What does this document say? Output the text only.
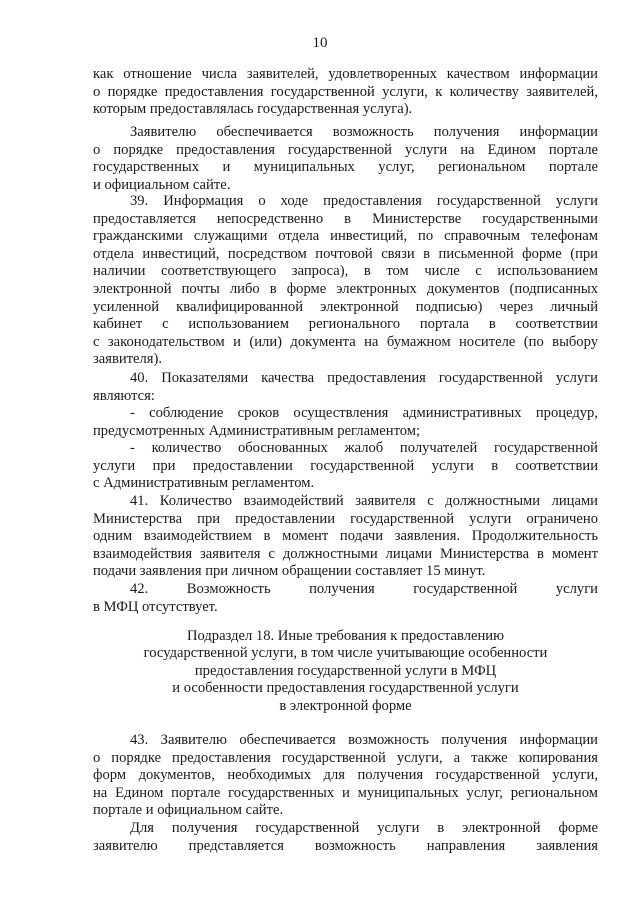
10
как отношение числа заявителей, удовлетворенных качеством информации
о порядке предоставления государственной услуги, к количеству заявителей,
которым предоставлялась государственная услуга).
Заявителю обеспечивается возможность получения информации
о порядке предоставления государственной услуги на Едином портале
государственных и муниципальных услуг, региональном портале
и официальном сайте.
39. Информация о ходе предоставления государственной услуги
предоставляется непосредственно в Министерстве государственными
гражданскими служащими отдела инвестиций, по справочным телефонам
отдела инвестиций, посредством почтовой связи в письменной форме (при
наличии соответствующего запроса), в том числе с использованием
электронной почты либо в форме электронных документов (подписанных
усиленной квалифицированной электронной подписью) через личный
кабинет с использованием регионального портала в соответствии
с законодательством и (или) документа на бумажном носителе (по выбору
заявителя).
40. Показателями качества предоставления государственной услуги
являются:
- соблюдение сроков осуществления административных процедур,
предусмотренных Административным регламентом;
- количество обоснованных жалоб получателей государственной
услуги при предоставлении государственной услуги в соответствии
с Административным регламентом.
41. Количество взаимодействий заявителя с должностными лицами
Министерства при предоставлении государственной услуги ограничено
одним взаимодействием в момент подачи заявления. Продолжительность
взаимодействия заявителя с должностными лицами Министерства в момент
подачи заявления при личном обращении составляет 15 минут.
42. Возможность получения государственной услуги
в МФЦ отсутствует.
Подраздел 18. Иные требования к предоставлению
государственной услуги, в том числе учитывающие особенности
предоставления государственной услуги в МФЦ
и особенности предоставления государственной услуги
в электронной форме
43. Заявителю обеспечивается возможность получения информации
о порядке предоставления государственной услуги, а также копирования
форм документов, необходимых для получения государственной услуги,
на Едином портале государственных и муниципальных услуг, региональном
портале и официальном сайте.
Для получения государственной услуги в электронной форме
заявителю представляется возможность направления заявления
